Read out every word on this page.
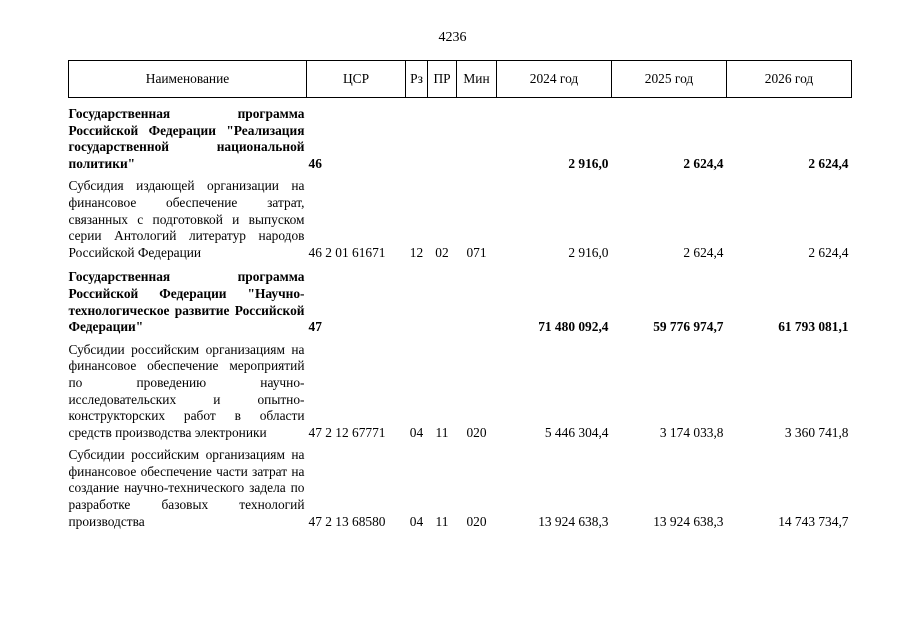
4236
Наименование	ЦСР	Рз	ПР	Мин	2024 год	2025 год	2026 год
Государственная программа Российской Федерации "Реализация государственной национальной политики"	46				2 916,0	2 624,4	2 624,4
Субсидия издающей организации на финансовое обеспечение затрат, связанных с подготовкой и выпуском серии Антологий литератур народов Российской Федерации	46 2 01 61671	12	02	071	2 916,0	2 624,4	2 624,4
Государственная программа Российской Федерации "Научно-технологическое развитие Российской Федерации"	47				71 480 092,4	59 776 974,7	61 793 081,1
Субсидии российским организациям на финансовое обеспечение мероприятий по проведению научно-исследовательских и опытно-конструкторских работ в области средств производства электроники	47 2 12 67771	04	11	020	5 446 304,4	3 174 033,8	3 360 741,8
Субсидии российским организациям на финансовое обеспечение части затрат на создание научно-технического задела по разработке базовых технологий производства	47 2 13 68580	04	11	020	13 924 638,3	13 924 638,3	14 743 734,7
